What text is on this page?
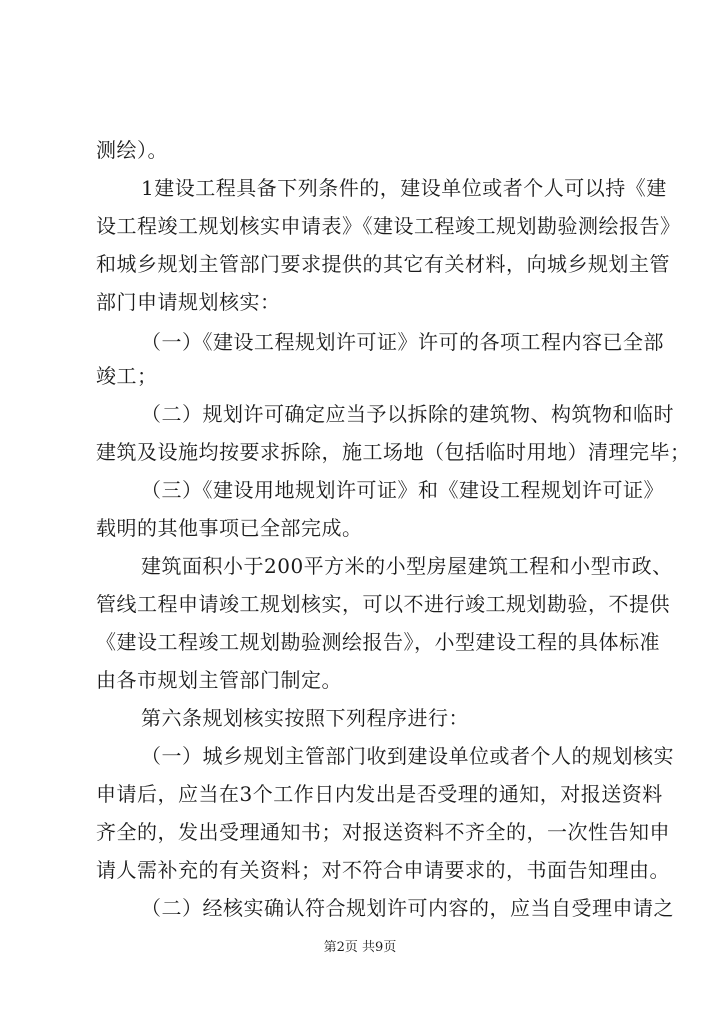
测绘）。
1建设工程具备下列条件的，建设单位或者个人可以持《建
设工程竣工规划核实申请表》《建设工程竣工规划勘验测绘报告》
和城乡规划主管部门要求提供的其它有关材料，向城乡规划主管
部门申请规划核实：
（一）《建设工程规划许可证》许可的各项工程内容已全部
竣工；
（二）规划许可确定应当予以拆除的建筑物、构筑物和临时
建筑及设施均按要求拆除，施工场地（包括临时用地）清理完毕；
（三）《建设用地规划许可证》和《建设工程规划许可证》
载明的其他事项已全部完成。
建筑面积小于200平方米的小型房屋建筑工程和小型市政、
管线工程申请竣工规划核实，可以不进行竣工规划勘验，不提供
《建设工程竣工规划勘验测绘报告》，小型建设工程的具体标准
由各市规划主管部门制定。
第六条规划核实按照下列程序进行：
（一）城乡规划主管部门收到建设单位或者个人的规划核实
申请后，应当在3个工作日内发出是否受理的通知，对报送资料
齐全的，发出受理通知书；对报送资料不齐全的，一次性告知申
请人需补充的有关资料；对不符合申请要求的，书面告知理由。
（二）经核实确认符合规划许可内容的，应当自受理申请之
第2页 共9页
